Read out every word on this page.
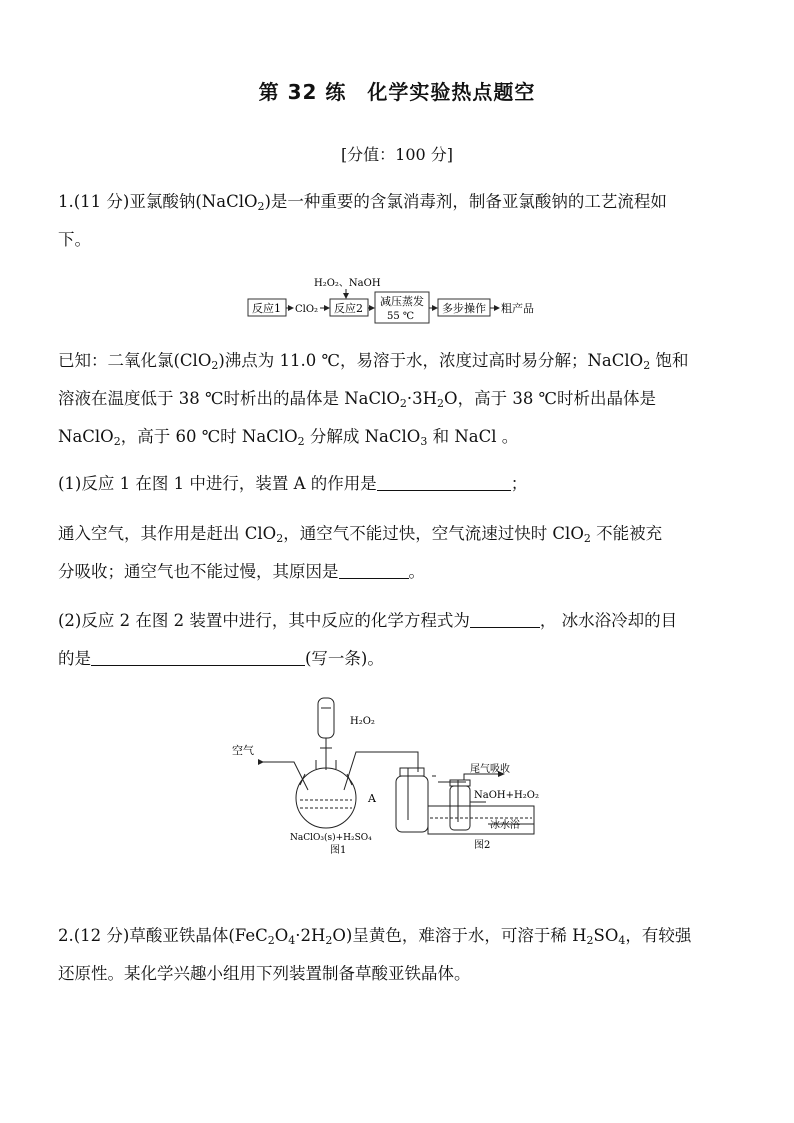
第 32 练　化学实验热点题空
[分值：100 分]
1.(11 分)亚氯酸钠(NaClO$_2$)是一种重要的含氯消毒剂，制备亚氯酸钠的工艺流程如
下。
H₂O₂、NaOH
反应1 ClO₂ 反应2
减压蒸发
55 ℃
多步操作 粗产品
已知：二氧化氯(ClO$_2$)沸点为 11.0 ℃，易溶于水，浓度过高时易分解；NaClO$_2$ 饱和
溶液在温度低于 38 ℃时析出的晶体是 $NaClO_2\cdot 3H_2O$，高于 38 ℃时析出晶体是
NaClO$_2$，高于 60 ℃时 NaClO$_2$ 分解成 NaClO$_3$ 和 NaCl 。
(1)反应 1 在图 1 中进行，装置 A 的作用是	；
通入空气，其作用是赶出 ClO$_2$，通空气不能过快，空气流速过快时 ClO$_2$ 不能被充
分吸收；通空气也不能过慢，其原因是	。
(2)反应 2 在图 2 装置中进行，其中反应的化学方程式为	， 冰水浴冷却的目
的是	(写一条)。
H₂O₂
空气
A
NaClO₃(s)+H₂SO₄
图1
尾气吸收
NaOH+H₂O₂
冰水浴
图2
2.(12 分)草酸亚铁晶体$(FeC_2O_4\cdot 2H_2O)$呈黄色，难溶于水，可溶于稀 $H_2SO_4$，有较强
还原性。某化学兴趣小组用下列装置制备草酸亚铁晶体。
